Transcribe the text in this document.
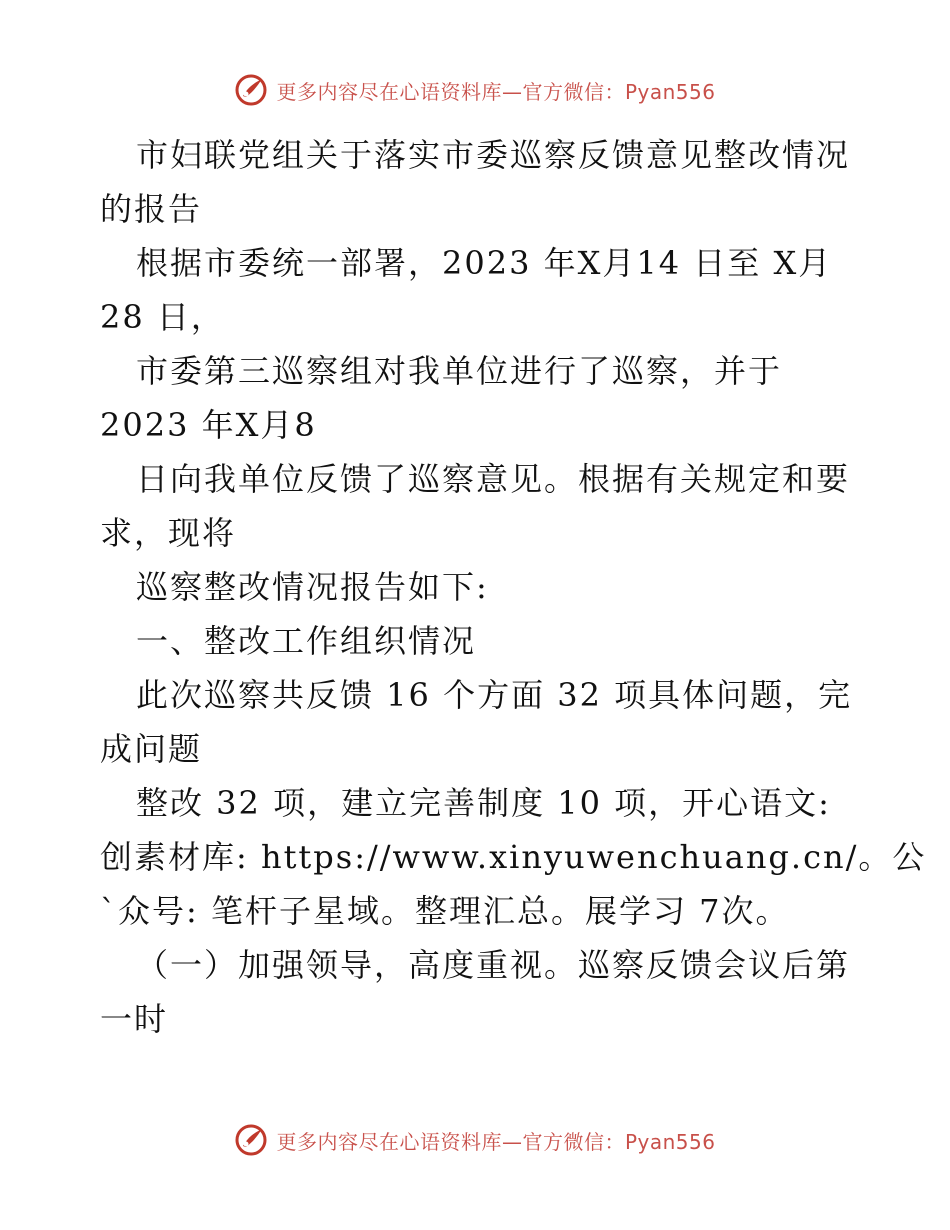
更多内容尽在心语资料库—官方微信：Pyan556
市妇联党组关于落实市委巡察反馈意见整改情况
的报告
根据市委统一部署，2023 年X月14 日至 X月
28 日，
市委第三巡察组对我单位进行了巡察，并于
2023 年X月8
日向我单位反馈了巡察意见。根据有关规定和要
求，现将
巡察整改情况报告如下:
一、整改工作组织情况
此次巡察共反馈 16 个方面 32 项具体问题，完
成问题
整改 32 项，建立完善制度 10 项，开心语文:
创素材库: https://www.xinyuwenchuang.cn/。公
`众号: 笔杆子星域。整理汇总。展学习 7次。
（一）加强领导，高度重视。巡察反馈会议后第
一时
更多内容尽在心语资料库—官方微信：Pyan556
